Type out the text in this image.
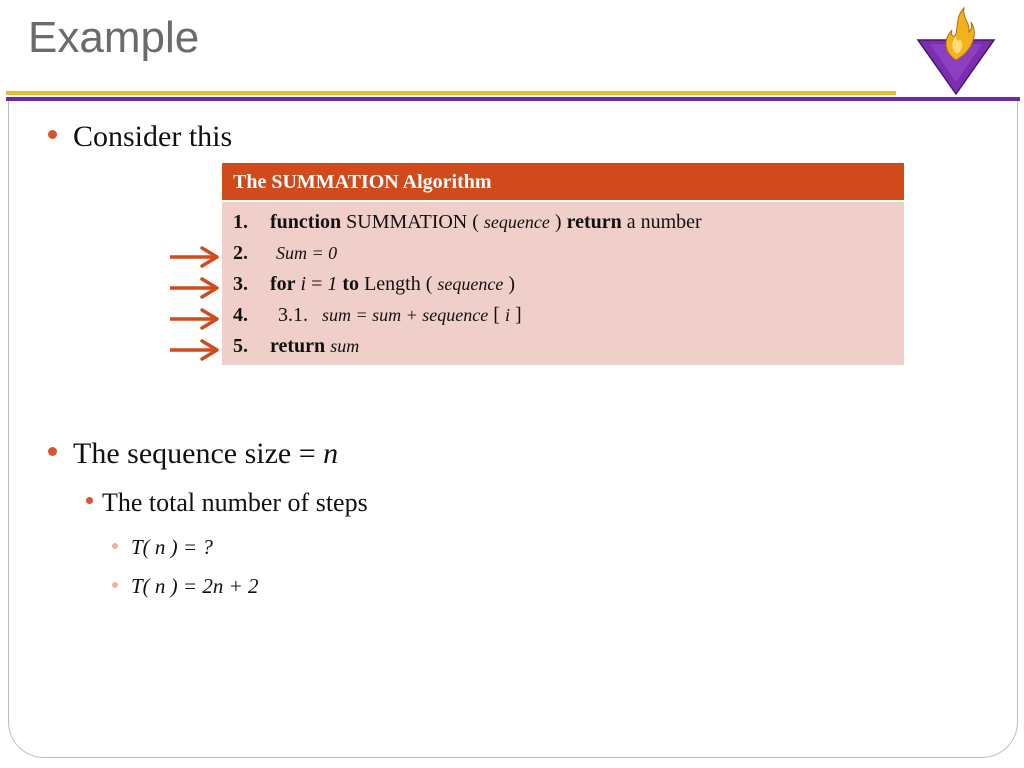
Example
Consider this
The SUMMATION Algorithm
1. function SUMMATION ( sequence ) return a number
2. Sum = 0
3. for i = 1 to Length ( sequence )
4. 3.1. sum = sum + sequence [ i ]
5. return sum
The sequence size = n
The total number of steps
T( n ) = ?
T( n ) = 2n + 2
